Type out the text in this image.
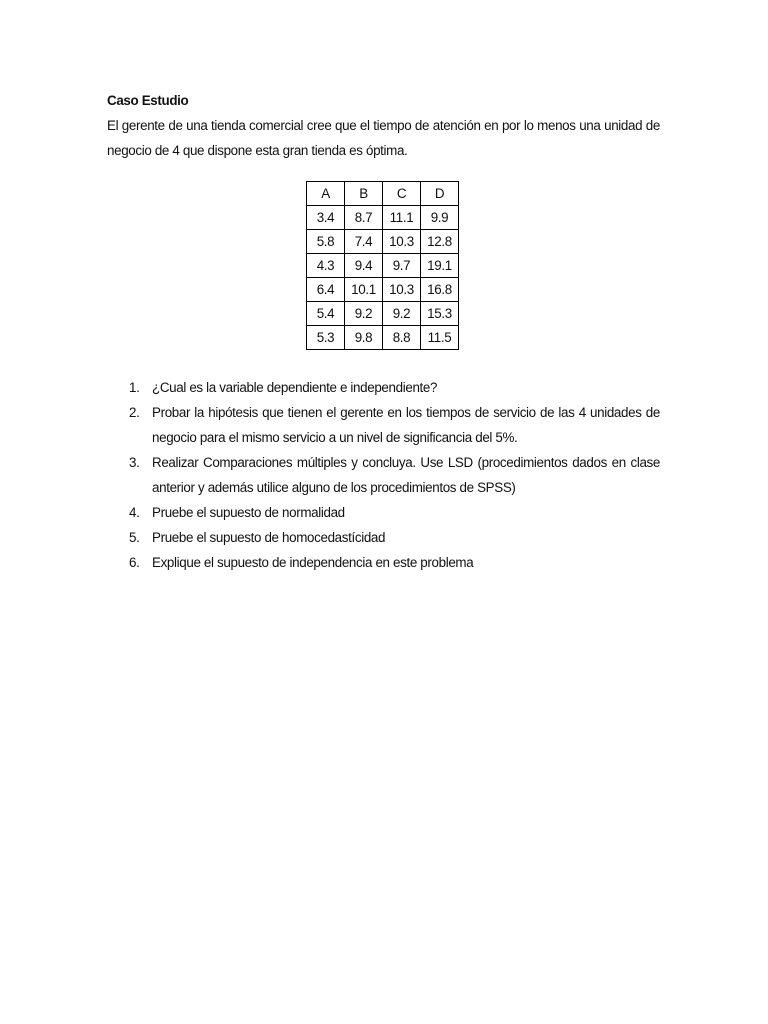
Caso Estudio

El gerente de una tienda comercial cree que el tiempo de atención en por lo menos una unidad de negocio de 4 que dispone esta gran tienda es óptima.

A	B	C	D
3.4	8.7	11.1	9.9
5.8	7.4	10.3	12.8
4.3	9.4	9.7	19.1
6.4	10.1	10.3	16.8
5.4	9.2	9.2	15.3
5.3	9.8	8.8	11.5
1. ¿Cual es la variable dependiente e independiente?
2. Probar la hipótesis que tienen el gerente en los tiempos de servicio de las 4 unidades de negocio para el mismo servicio a un nivel de significancia del 5%.
3. Realizar Comparaciones múltiples y concluya. Use LSD (procedimientos dados en clase anterior y además utilice alguno de los procedimientos de SPSS)
4. Pruebe el supuesto de normalidad
5. Pruebe el supuesto de homocedastícidad
6. Explique el supuesto de independencia en este problema
